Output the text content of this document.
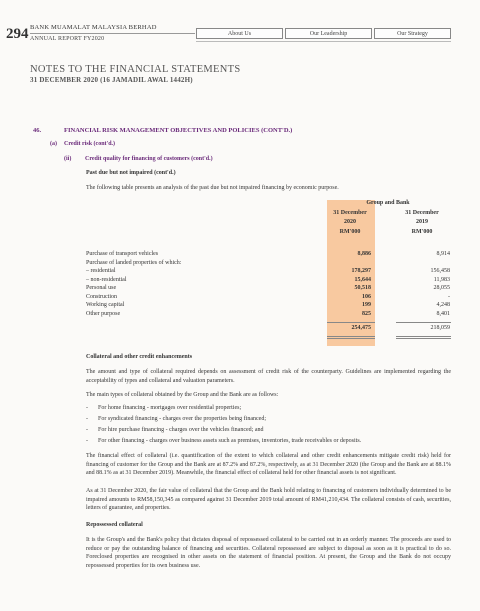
294 BANK MUAMALAT MALAYSIA BERHAD
ANNUAL REPORT FY2020
About Us	Our Leadership	Our Strategy
NOTES TO THE FINANCIAL STATEMENTS
31 DECEMBER 2020 (16 JAMADIL AWAL 1442H)
46.	FINANCIAL RISK MANAGEMENT OBJECTIVES AND POLICIES (CONT'D.)
(a) Credit risk (cont'd.)
(ii) Credit quality for financing of customers (cont'd.)
Past due but not impaired (cont'd.)
The following table presents an analysis of the past due but not impaired financing by economic purpose.
Group and Bank
31 December
2020
RM'000
31 December
2019
RM'000
Purchase of transport vehicles	8,886	8,914
Purchase of landed properties of which:
– residential	178,297	156,458
– non-residential	15,644	11,983
Personal use	50,518	28,055
Construction	106	-
Working capital	199	4,248
Other purpose	825	8,401
254,475	218,059
Collateral and other credit enhancements
The amount and type of collateral required depends on assessment of credit risk of the counterparty. Guidelines are implemented regarding the acceptability of types and collateral and valuation parameters.
The main types of collateral obtained by the Group and the Bank are as follows:
- For home financing - mortgages over residential properties;
- For syndicated financing - charges over the properties being financed;
- For hire purchase financing - charges over the vehicles financed; and
- For other financing - charges over business assets such as premises, inventories, trade receivables or deposits.
The financial effect of collateral (i.e. quantification of the extent to which collateral and other credit enhancements mitigate credit risk) held for financing of customer for the Group and the Bank are at 87.2% and 87.2%, respectively, as at 31 December 2020 (the Group and the Bank are at 88.1% and 88.1% as at 31 December 2019). Meanwhile, the financial effect of collateral held for other financial assets is not significant.
As at 31 December 2020, the fair value of collateral that the Group and the Bank hold relating to financing of customers individually determined to be impaired amounts to RM58,150,345 as compared against 31 December 2019 total amount of RM41,210,434. The collateral consists of cash, securities, letters of guarantee, and properties.
Repossessed collateral
It is the Group's and the Bank's policy that dictates disposal of repossessed collateral to be carried out in an orderly manner. The proceeds are used to reduce or pay the outstanding balance of financing and securities. Collateral repossessed are subject to disposal as soon as it is practical to do so. Foreclosed properties are recognised in other assets on the statement of financial position. At present, the Group and the Bank do not occupy repossessed properties for its own business use.
